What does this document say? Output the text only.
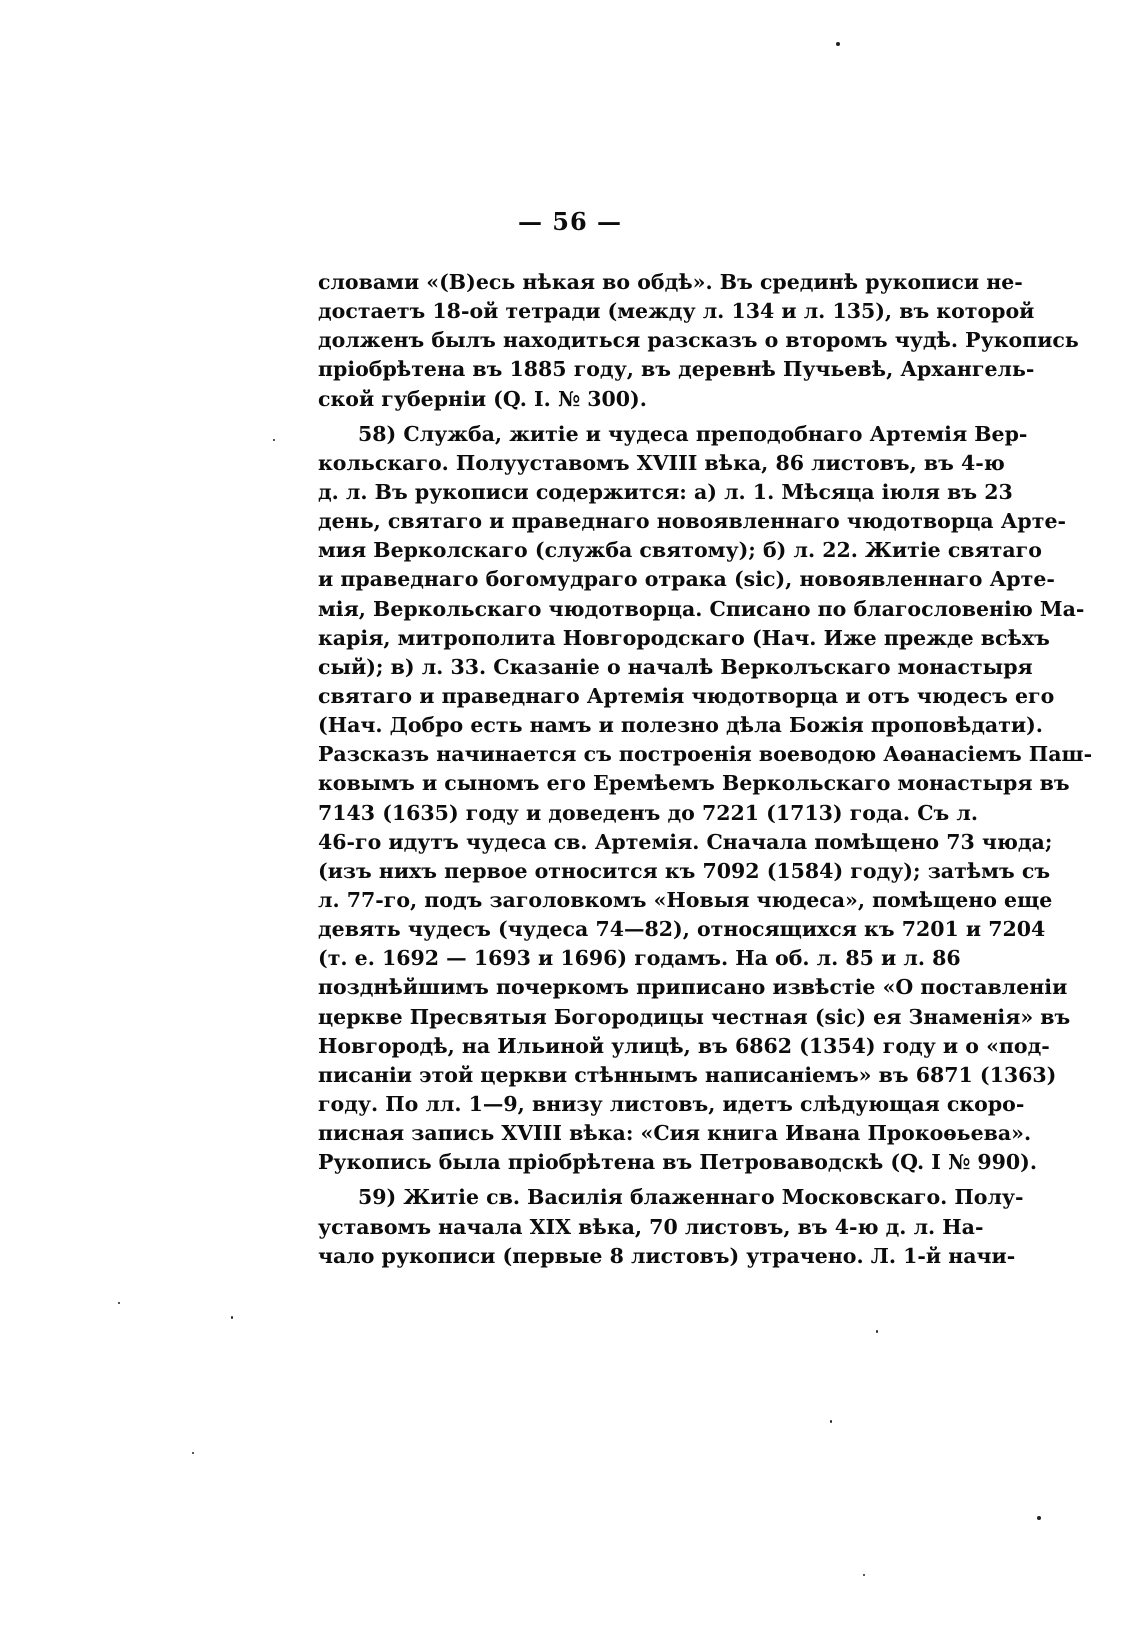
— 56 —
словами «(В)есь нѣкая во обдѣ». Въ срединѣ рукописи не-
достаетъ 18-ой тетради (между л. 134 и л. 135), въ которой
долженъ былъ находиться разсказъ о второмъ чудѣ. Рукопись
пріобрѣтена въ 1885 году, въ деревнѣ Пучьевѣ, Архангель-
ской губерніи (Q. I. № 300).
58) Служба, житіе и чудеса преподобнаго Артемія Вер-
кольскаго. Полууставомъ XVIII вѣка, 86 листовъ, въ 4-ю
д. л. Въ рукописи содержится: а) л. 1. Мѣсяца іюля въ 23
день, святаго и праведнаго новоявленнаго чюдотворца Арте-
мия Верколскаго (служба святому); б) л. 22. Житіе святаго
и праведнаго богомудраго отрака (sic), новоявленнаго Арте-
мія, Веркольскаго чюдотворца. Списано по благословенію Ма-
карія, митрополита Новгородскаго (Нач. Иже прежде всѣхъ
сый); в) л. 33. Сказаніе о началѣ Верколъскаго монастыря
святаго и праведнаго Артемія чюдотворца и отъ чюдесъ его
(Нач. Добро есть намъ и полезно дѣла Божія проповѣдати).
Разсказъ начинается съ построенія воеводою Аѳанасіемъ Паш-
ковымъ и сыномъ его Еремѣемъ Веркольскаго монастыря въ
7143 (1635) году и доведенъ до 7221 (1713) года. Съ л.
46-го идутъ чудеса св. Артемія. Сначала помѣщено 73 чюда;
(изъ нихъ первое относится къ 7092 (1584) году); затѣмъ съ
л. 77-го, подъ заголовкомъ «Новыя чюдеса», помѣщено еще
девять чудесъ (чудеса 74—82), относящихся къ 7201 и 7204
(т. е. 1692 — 1693 и 1696) годамъ. На об. л. 85 и л. 86
позднѣйшимъ почеркомъ приписано извѣстіе «О поставленіи
церкве Пресвятыя Богородицы честная (sic) ея Знаменія» въ
Новгородѣ, на Ильиной улицѣ, въ 6862 (1354) году и о «под-
писаніи этой церкви стѣннымъ написаніемъ» въ 6871 (1363)
году. По лл. 1—9, внизу листовъ, идетъ слѣдующая скоро-
писная запись XVIII вѣка: «Сия книга Ивана Прокоѳьева».
Рукопись была пріобрѣтена въ Петроваводскѣ (Q. I № 990).
59) Житіе св. Василія блаженнаго Московскаго. Полу-
уставомъ начала XIX вѣка, 70 листовъ, въ 4-ю д. л. На-
чало рукописи (первые 8 листовъ) утрачено. Л. 1-й начи-
